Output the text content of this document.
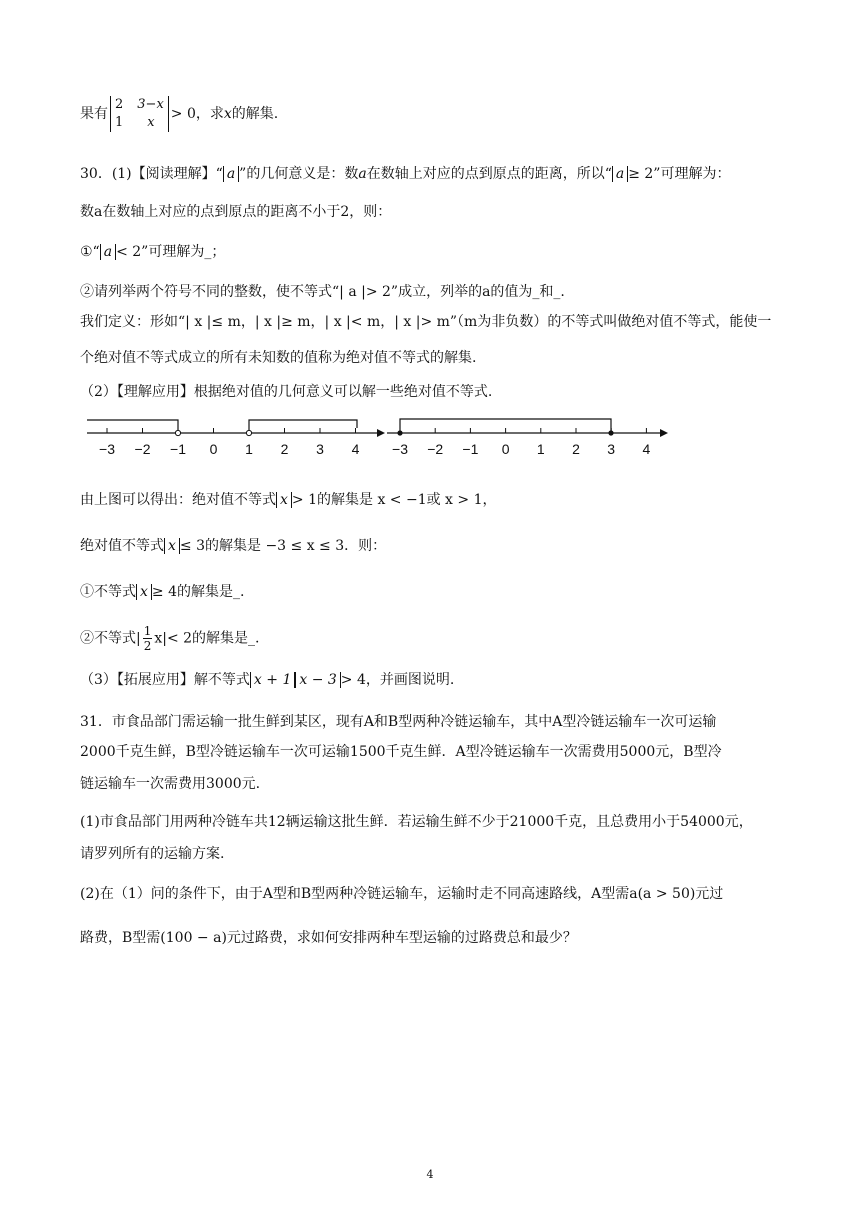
果有
2 3−x
1 x
> 0，求x的解集.
30．(1)【阅读理解】“ a ”的几何意义是：数a在数轴上对应的点到原点的距离，所以“ a ≥ 2”可理解为：
数a在数轴上对应的点到原点的距离不小于2，则：
①“ a < 2”可理解为_；
②请列举两个符号不同的整数，使不等式“| a |> 2”成立，列举的a的值为_和_.
我们定义：形如“| x |≤ m，| x |≥ m，| x |< m，| x |> m”（m为非负数）的不等式叫做绝对值不等式，能使一
个绝对值不等式成立的所有未知数的值称为绝对值不等式的解集.
（2）【理解应用】根据绝对值的几何意义可以解一些绝对值不等式.
−3 −2 −1 0 1 2 3 4 −3 −2 −1 0 1 2 3 4
由上图可以得出：绝对值不等式 x > 1的解集是 x < −1或 x > 1，
绝对值不等式 x ≤ 3的解集是 −3 ≤ x ≤ 3．则：
①不等式 x ≥ 4的解集是_.
②不等式| $\frac{1}{2} x|< 2$的解集是_.
（3）【拓展应用】解不等式 x + 1 x − 3 > 4，并画图说明.
31．市食品部门需运输一批生鲜到某区，现有A和B型两种冷链运输车，其中A型冷链运输车一次可运输
2000千克生鲜，B型冷链运输车一次可运输1500千克生鲜．A型冷链运输车一次需费用5000元，B型冷
链运输车一次需费用3000元.
(1)市食品部门用两种冷链车共12辆运输这批生鲜．若运输生鲜不少于21000千克，且总费用小于54000元，
请罗列所有的运输方案.
(2)在（1）问的条件下，由于A型和B型两种冷链运输车，运输时走不同高速路线，A型需a(a > 50)元过
路费，B型需(100 − a)元过路费，求如何安排两种车型运输的过路费总和最少？
4
